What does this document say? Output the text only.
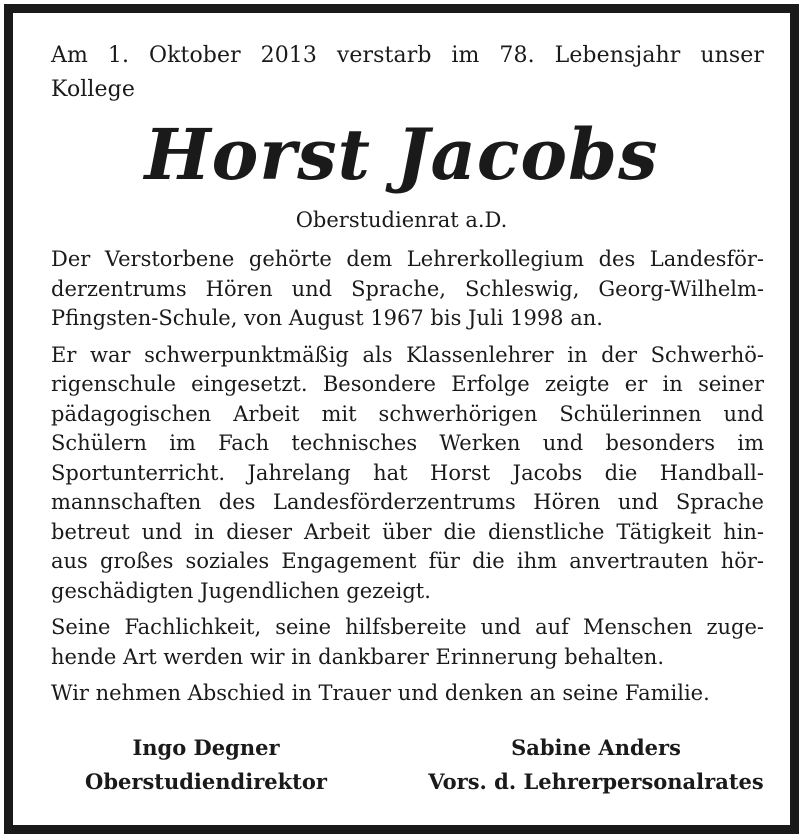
Am 1. Oktober 2013 verstarb im 78. Lebensjahr unser
Kollege
Horst Jacobs
Oberstudienrat a.D.
Der Verstorbene gehörte dem Lehrerkollegium des Landesför-
derzentrums Hören und Sprache, Schleswig, Georg-Wilhelm-
Pfingsten-Schule, von August 1967 bis Juli 1998 an.
Er war schwerpunktmäßig als Klassenlehrer in der Schwerhö-
rigenschule eingesetzt. Besondere Erfolge zeigte er in seiner
pädagogischen Arbeit mit schwerhörigen Schülerinnen und
Schülern im Fach technisches Werken und besonders im
Sportunterricht. Jahrelang hat Horst Jacobs die Handball-
mannschaften des Landesförderzentrums Hören und Sprache
betreut und in dieser Arbeit über die dienstliche Tätigkeit hin-
aus großes soziales Engagement für die ihm anvertrauten hör-
geschädigten Jugendlichen gezeigt.
Seine Fachlichkeit, seine hilfsbereite und auf Menschen zuge-
hende Art werden wir in dankbarer Erinnerung behalten.
Wir nehmen Abschied in Trauer und denken an seine Familie.
Ingo Degner
Oberstudiendirektor
Sabine Anders
Vors. d. Lehrerpersonalrates
